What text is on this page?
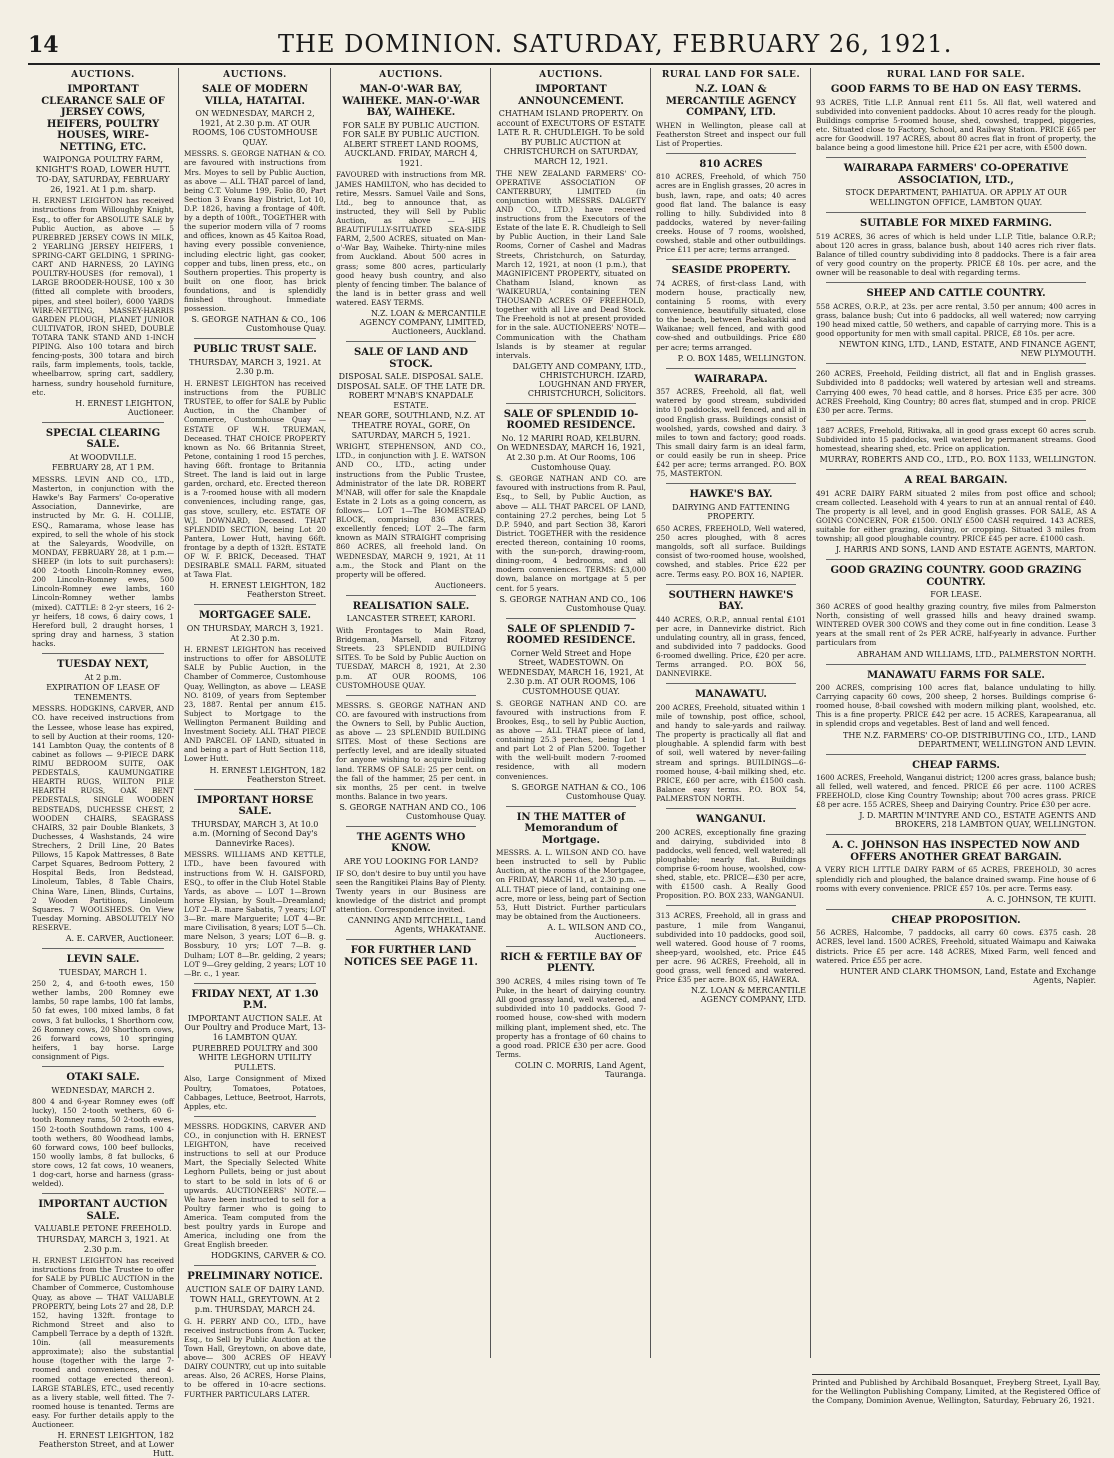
14	THE DOMINION. SATURDAY, FEBRUARY 26, 1921.
AUCTIONS.
IMPORTANT CLEARANCE SALE OF JERSEY COWS, HEIFERS, POULTRY HOUSES, WIRE-NETTING, ETC.
WAIPONGA POULTRY FARM, KNIGHT'S ROAD, LOWER HUTT.
TO-DAY, SATURDAY, FEBRUARY 26, 1921. At 1 p.m. sharp.
H. ERNEST LEIGHTON has received instructions from Willoughby Knight, Esq., to offer for ABSOLUTE SALE by Public Auction, as above — 5 PUREBRED JERSEY COWS IN MILK, 2 YEARLING JERSEY HEIFERS, 1 SPRING-CART GELDING, 1 SPRING-CART AND HARNESS, 20 LAYING POULTRY-HOUSES (for removal), 1 LARGE BROODER-HOUSE, 100 x 30 (fitted all complete with brooders, pipes, and steel boiler), 6000 YARDS WIRE-NETTING, MASSEY-HARRIS GARDEN PLOUGH, PLANET JUNIOR CULTIVATOR, IRON SHED, DOUBLE TOTARA TANK STAND AND 1-INCH PIPING. Also 100 totara and birch fencing-posts, 300 totara and birch rails, farm implements, tools, tackle, wheelbarrow, spring cart, saddlery, harness, sundry household furniture, etc.
H. ERNEST LEIGHTON, Auctioneer.
SPECIAL CLEARING SALE.
At WOODVILLE.
FEBRUARY 28, AT 1 P.M.
MESSRS. LEVIN AND CO., LTD., Masterton, in conjunction with the Hawke's Bay Farmers' Co-operative Association, Dannevirke, are instructed by Mr. G. H. COLLIE, ESQ., Ramarama, whose lease has expired, to sell the whole of his stock at the Saleyards, Woodville, on MONDAY, FEBRUARY 28, at 1 p.m.— SHEEP (in lots to suit purchasers): 400 2-tooth Lincoln-Romney ewes, 200 Lincoln-Romney ewes, 500 Lincoln-Romney ewe lambs, 160 Lincoln-Romney wether lambs (mixed). CATTLE: 8 2-yr steers, 16 2-yr heifers, 18 cows, 6 dairy cows, 1 Hereford bull, 2 draught horses, 1 spring dray and harness, 3 station hacks.
TUESDAY NEXT,
At 2 p.m.
EXPIRATION OF LEASE OF TENEMENTS.
MESSRS. HODGKINS, CARVER, AND CO. have received instructions from the Lessee, whose lease has expired, to sell by Auction at their rooms, 120-141 Lambton Quay, the contents of 8 cabinet as follows — 9-PIECE DARK RIMU BEDROOM SUITE, OAK PEDESTALS, KAUMUNGATIRE HEARTH RUGS, WILTON PILE HEARTH RUGS, OAK BENT PEDESTALS, SINGLE WOODEN BEDSTEADS, DUCHESSE CHEST, 2 WOODEN CHAIRS, SEAGRASS CHAIRS, 32 pair Double Blankets, 3 Duchesses, 4 Washstands, 24 wire Strechers, 2 Drill Line, 20 Bates Pillows, 15 Kapok Mattresses, 8 Bate Carpet Squares, Bedroom Pottery, 2 Hospital Beds, Iron Bedstead, Linoleum, Tables, 8 Table Chairs, China Ware, Linen, Blinds, Curtains, 2 Wooden Partitions, Linoleum Squares. 7 WOOLSHEDS. On View Tuesday Morning. ABSOLUTELY NO RESERVE.
A. E. CARVER, Auctioneer.
LEVIN SALE.
TUESDAY, MARCH 1.
250 2, 4, and 6-tooth ewes, 150 wether lambs, 200 Romney ewe lambs, 50 rape lambs, 100 fat lambs, 50 fat ewes, 100 mixed lambs, 8 fat cows, 3 fat bullocks, 1 Shorthorn cow, 26 Romney cows, 20 Shorthorn cows, 26 forward cows, 10 springing heifers, 1 bay horse. Large consignment of Pigs.
OTAKI SALE.
WEDNESDAY, MARCH 2.
800 4 and 6-year Romney ewes (off lucky), 150 2-tooth wethers, 60 6-tooth Romney rams, 50 2-tooth ewes, 150 2-tooth Southdown rams, 100 4-tooth wethers, 80 Woodhead lambs, 60 forward cows, 100 beef bullocks, 150 woolly lambs, 8 fat bullocks, 6 store cows, 12 fat cows, 10 weaners, 1 dog-cart, horse and harness (grass-welded).
IMPORTANT AUCTION SALE.
VALUABLE PETONE FREEHOLD.
THURSDAY, MARCH 3, 1921. At 2.30 p.m.
H. ERNEST LEIGHTON has received instructions from the Trustee to offer for SALE by PUBLIC AUCTION in the Chamber of Commerce, Customhouse Quay, as above — THAT VALUABLE PROPERTY, being Lots 27 and 28, D.P. 152, having 132ft. frontage to Richmond Street and also to Campbell Terrace by a depth of 132ft. 10in. (all measurements approximate); also the substantial house (together with the large 7-roomed and conveniences, and 4-roomed cottage erected thereon). LARGE STABLES, ETC., used recently as a livery stable, well fitted. The 7-roomed house is tenanted. Terms are easy. For further details apply to the Auctioneer.
H. ERNEST LEIGHTON, 182 Featherston Street, and at Lower Hutt.
AUCTIONS.
SALE OF MODERN VILLA, HATAITAI.
ON WEDNESDAY, MARCH 2, 1921, At 2.30 p.m. AT OUR ROOMS, 106 CUSTOMHOUSE QUAY.
MESSRS. S. GEORGE NATHAN & CO. are favoured with instructions from Mrs. Moyes to sell by Public Auction, as above — ALL THAT parcel of land, being C.T. Volume 199, Folio 80, Part Section 3 Evans Bay District, Lot 10, D.P. 1826, having a frontage of 40ft. by a depth of 100ft., TOGETHER with the superior modern villa of 7 rooms and offices, known as 45 Kaitoa Road, having every possible convenience, including electric light, gas cooker, copper and tubs, linen press, etc., on Southern properties. This property is built on one floor, has brick foundations, and is splendidly finished throughout. Immediate possession.
S. GEORGE NATHAN & CO., 106 Customhouse Quay.
PUBLIC TRUST SALE.
THURSDAY, MARCH 3, 1921. At 2.30 p.m.
H. ERNEST LEIGHTON has received instructions from the PUBLIC TRUSTEE, to offer for SALE by Public Auction, in the Chamber of Commerce, Customhouse Quay — ESTATE OF W.H. TRUEMAN, Deceased. THAT CHOICE PROPERTY known as No. 66 Britannia Street, Petone, containing 1 rood 15 perches, having 66ft. frontage to Britannia Street. The land is laid out in large garden, orchard, etc. Erected thereon is a 7-roomed house with all modern conveniences, including range, gas, gas stove, scullery, etc. ESTATE OF W.J. DOWNARD, Deceased. THAT SPLENDID SECTION, being Lot 20 Pantera, Lower Hutt, having 66ft. frontage by a depth of 132ft. ESTATE OF W. F. BRICK, Deceased. THAT DESIRABLE SMALL FARM, situated at Tawa Flat.
H. ERNEST LEIGHTON, 182 Featherston Street.
MORTGAGEE SALE.
ON THURSDAY, MARCH 3, 1921. At 2.30 p.m.
H. ERNEST LEIGHTON has received instructions to offer for ABSOLUTE SALE by Public Auction, in the Chamber of Commerce, Customhouse Quay, Wellington, as above — LEASE NO. 8109, of years from September 23, 1887. Rental per annum £15. Subject to Mortgage to the Wellington Permanent Building and Investment Society. ALL THAT PIECE AND PARCEL OF LAND, situated in and being a part of Hutt Section 118, Lower Hutt.
H. ERNEST LEIGHTON, 182 Featherston Street.
IMPORTANT HORSE SALE.
THURSDAY, MARCH 3, At 10.0 a.m. (Morning of Second Day's Dannevirke Races).
MESSRS. WILLIAMS AND KETTLE, LTD., have been favoured with instructions from W. H. GAISFORD, ESQ., to offer in the Club Hotel Stable Yards, as above — LOT 1—Brown horse Elysian, by Soult—Dreamland; LOT 2—B. mare Sabatis, 7 years; LOT 3—Br. mare Marguerite; LOT 4—Br. mare Civilisation, 8 years; LOT 5—Ch. mare Nelson, 3 years; LOT 6—B. g. Bossbury, 10 yrs; LOT 7—B. g. Dulham; LOT 8—Br. gelding, 2 years; LOT 9—Grey gelding, 2 years; LOT 10—Br. c., 1 year.
FRIDAY NEXT, AT 1.30 P.M.
IMPORTANT AUCTION SALE. At Our Poultry and Produce Mart, 13-16 LAMBTON QUAY.
PUREBRED POULTRY and 300 WHITE LEGHORN UTILITY PULLETS.
Also, Large Consignment of Mixed Poultry, Tomatoes, Potatoes, Cabbages, Lettuce, Beetroot, Harrots, Apples, etc.
MESSRS. HODGKINS, CARVER AND CO., in conjunction with H. ERNEST LEIGHTON, have received instructions to sell at our Produce Mart, the Specially Selected White Leghorn Pullets, being or just about to start to be sold in lots of 6 or upwards. AUCTIONEERS' NOTE.—We have been instructed to sell for a Poultry farmer who is going to America. Team computed from the best poultry yards in Europe and America, including one from the Great English breeder.
HODGKINS, CARVER & CO.
PRELIMINARY NOTICE.
AUCTION SALE OF DAIRY LAND.
TOWN HALL, GREYTOWN. At 2 p.m. THURSDAY, MARCH 24.
G. H. PERRY AND CO., LTD., have received instructions from A. Tucker, Esq., to Sell by Public Auction at the Town Hall, Greytown, on above date, above— 300 ACRES OF HEAVY DAIRY COUNTRY, cut up into suitable areas. Also, 26 ACRES, Horse Plains, to be offered in 10-acre sections. FURTHER PARTICULARS LATER.
AUCTIONS.
MAN-O'-WAR BAY, WAIHEKE. MAN-O'-WAR BAY, WAIHEKE.
FOR SALE BY PUBLIC AUCTION. FOR SALE BY PUBLIC AUCTION. ALBERT STREET LAND ROOMS, AUCKLAND. FRIDAY, MARCH 4, 1921.
FAVOURED with instructions from MR. JAMES HAMILTON, who has decided to retire, Messrs. Samuel Vaile and Sons, Ltd., beg to announce that, as instructed, they will Sell by Public Auction, as above — HIS BEAUTIFULLY-SITUATED SEA-SIDE FARM, 2,500 ACRES, situated on Man-o'-War Bay, Waiheke. Thirty-nine miles from Auckland. About 500 acres in grass; some 800 acres, particularly good heavy bush country, and also plenty of fencing timber. The balance of the land is in better grass and well watered. EASY TERMS.
N.Z. LOAN & MERCANTILE AGENCY COMPANY, LIMITED, Auctioneers, Auckland.
SALE OF LAND AND STOCK.
DISPOSAL SALE. DISPOSAL SALE. DISPOSAL SALE. OF THE LATE DR. ROBERT M'NAB'S KNAPDALE ESTATE.
NEAR GORE, SOUTHLAND, N.Z. AT THEATRE ROYAL, GORE, On SATURDAY, MARCH 5, 1921.
WRIGHT, STEPHENSON, AND CO., LTD., in conjunction with J. E. WATSON AND CO., LTD., acting under instructions from the Public Trustee, Administrator of the late DR. ROBERT M'NAB, will offer for sale the Knapdale Estate in 2 Lots as a going concern, as follows— LOT 1—The HOMESTEAD BLOCK, comprising 836 ACRES, excellently fenced; LOT 2—The farm known as MAIN STRAIGHT comprising 860 ACRES, all freehold land. On WEDNESDAY, MARCH 9, 1921, At 11 a.m., the Stock and Plant on the property will be offered.
Auctioneers.
REALISATION SALE.
LANCASTER STREET, KARORI.
With Frontages to Main Road, Bridgeman, Marsell, and Fitzroy Streets. 23 SPLENDID BUILDING SITES. To be Sold by Public Auction on TUESDAY, MARCH 8, 1921, At 2.30 p.m. AT OUR ROOMS, 106 CUSTOMHOUSE QUAY.
MESSRS. S. GEORGE NATHAN AND CO. are favoured with instructions from the Owners to Sell, by Public Auction, as above — 23 SPLENDID BUILDING SITES. Most of these Sections are perfectly level, and are ideally situated for anyone wishing to acquire building land. TERMS OF SALE: 25 per cent. on the fall of the hammer, 25 per cent. in six months, 25 per cent. in twelve months. Balance in two years.
S. GEORGE NATHAN AND CO., 106 Customhouse Quay.
THE AGENTS WHO KNOW.
ARE YOU LOOKING FOR LAND?
IF SO, don't desire to buy until you have seen the Rangitikei Plains Bay of Plenty. Twenty years in our Business are knowledge of the district and prompt attention. Correspondence invited.
CANNING AND MITCHELL, Land Agents, WHAKATANE.
FOR FURTHER LAND NOTICES SEE PAGE 11.
AUCTIONS.
IMPORTANT ANNOUNCEMENT.
CHATHAM ISLAND PROPERTY. On account of EXECUTORS OF ESTATE LATE R. R. CHUDLEIGH. To be sold BY PUBLIC AUCTION at CHRISTCHURCH on SATURDAY, MARCH 12, 1921.
THE NEW ZEALAND FARMERS' CO-OPERATIVE ASSOCIATION OF CANTERBURY, LIMITED (in conjunction with MESSRS. DALGETY AND CO., LTD.) have received instructions from the Executors of the Estate of the late E. R. Chudleigh to Sell by Public Auction, in their Land Sale Rooms, Corner of Cashel and Madras Streets, Christchurch, on Saturday, March 12, 1921, at noon (1 p.m.), that MAGNIFICENT PROPERTY, situated on Chatham Island, known as 'WAIKEURUA,' containing TEN THOUSAND ACRES OF FREEHOLD, together with all Live and Dead Stock. The Freehold is not at present provided for in the sale. AUCTIONEERS' NOTE—Communication with the Chatham Islands is by steamer at regular intervals.
DALGETY AND COMPANY, LTD., CHRISTCHURCH. IZARD, LOUGHNAN AND FRYER, CHRISTCHURCH, Solicitors.
SALE OF SPLENDID 10-ROOMED RESIDENCE.
No. 12 MARIRI ROAD, KELBURN. On WEDNESDAY, MARCH 16, 1921, At 2.30 p.m. At Our Rooms, 106 Customhouse Quay.
S. GEORGE NATHAN AND CO. are favoured with instructions from R. Paul, Esq., to Sell, by Public Auction, as above — ALL THAT PARCEL OF LAND, containing 27.2 perches, being Lot 5 D.P. 5940, and part Section 38, Karori District. TOGETHER with the residence erected thereon, containing 10 rooms, with the sun-porch, drawing-room, dining-room, 4 bedrooms, and all modern conveniences. TERMS: £3,000 down, balance on mortgage at 5 per cent. for 5 years.
S. GEORGE NATHAN AND CO., 106 Customhouse Quay.
SALE OF SPLENDID 7-ROOMED RESIDENCE.
Corner Weld Street and Hope Street, WADESTOWN. On WEDNESDAY, MARCH 16, 1921, At 2.30 p.m. AT OUR ROOMS, 106 CUSTOMHOUSE QUAY.
S. GEORGE NATHAN AND CO. are favoured with instructions from F. Brookes, Esq., to sell by Public Auction, as above — ALL THAT piece of land, containing 25.3 perches, being Lot 1 and part Lot 2 of Plan 5200. Together with the well-built modern 7-roomed residence, with all modern conveniences.
S. GEORGE NATHAN & CO., 106 Customhouse Quay.
IN THE MATTER of Memorandum of Mortgage.
MESSRS. A. L. WILSON AND CO. have been instructed to sell by Public Auction, at the rooms of the Mortgagee, on FRIDAY, MARCH 11, at 2.30 p.m. — ALL THAT piece of land, containing one acre, more or less, being part of Section 53, Hutt District. Further particulars may be obtained from the Auctioneers.
A. L. WILSON AND CO., Auctioneers.
RICH & FERTILE BAY OF PLENTY.
390 ACRES, 4 miles rising town of Te Puke, in the heart of dairying country. All good grassy land, well watered, and subdivided into 10 paddocks. Good 7-roomed house, cow-shed with modern milking plant, implement shed, etc. The property has a frontage of 60 chains to a good road. PRICE £30 per acre. Good Terms.
COLIN C. MORRIS, Land Agent, Tauranga.
RURAL LAND FOR SALE.
N.Z. LOAN & MERCANTILE AGENCY COMPANY, LTD.
WHEN in Wellington, please call at Featherston Street and inspect our full List of Properties.
810 ACRES
810 ACRES, Freehold, of which 750 acres are in English grasses, 20 acres in bush, lawn, rape, and oats; 40 acres good flat land. The balance is easy rolling to hilly. Subdivided into 8 paddocks, watered by never-failing creeks. House of 7 rooms, woolshed, cowshed, stable and other outbuildings. Price £11 per acre; terms arranged.
SEASIDE PROPERTY.
74 ACRES, of first-class Land, with modern house, practically new, containing 5 rooms, with every convenience, beautifully situated, close to the beach, between Paekakariki and Waikanae; well fenced, and with good cow-shed and outbuildings. Price £80 per acre; terms arranged.
P. O. BOX 1485, WELLINGTON.
WAIRARAPA.
357 ACRES, Freehold, all flat, well watered by good stream, subdivided into 10 paddocks, well fenced, and all in good English grass. Buildings consist of woolshed, yards, cowshed and dairy. 3 miles to town and factory; good roads. This small dairy farm is an ideal farm, or could easily be run in sheep. Price £42 per acre; terms arranged. P.O. BOX 75, MASTERTON.
HAWKE'S BAY.
DAIRYING AND FATTENING PROPERTY.
650 ACRES, FREEHOLD, Well watered, 250 acres ploughed, with 8 acres mangolds, soft all surface. Buildings consist of two-roomed house, woolshed, cowshed, and stables. Price £22 per acre. Terms easy. P.O. BOX 16, NAPIER.
SOUTHERN HAWKE'S BAY.
440 ACRES, O.R.P., annual rental £101 per acre, in Dannevirke district. Rich undulating country, all in grass, fenced, and subdivided into 7 paddocks. Good 6-roomed dwelling. Price, £20 per acre. Terms arranged. P.O. BOX 56, DANNEVIRKE.
MANAWATU.
200 ACRES, Freehold, situated within 1 mile of township, post office, school, and handy to sale-yards and railway. The property is practically all flat and ploughable. A splendid farm with best of soil, well watered by never-failing stream and springs. BUILDINGS—6-roomed house, 4-bail milking shed, etc. PRICE, £60 per acre, with £1500 cash. Balance easy terms. P.O. BOX 54, PALMERSTON NORTH.
WANGANUI.
200 ACRES, exceptionally fine grazing and dairying, subdivided into 8 paddocks, well fenced, well watered; all ploughable; nearly flat. Buildings comprise 6-room house, woolshed, cow-shed, stable, etc. PRICE—£30 per acre, with £1500 cash. A Really Good Proposition. P.O. BOX 233, WANGANUI.
313 ACRES, Freehold, all in grass and pasture, 1 mile from Wanganui, subdivided into 10 paddocks, good soil, well watered. Good house of 7 rooms, sheep-yard, woolshed, etc. Price £45 per acre. 96 ACRES, Freehold, all in good grass, well fenced and watered. Price £35 per acre. BOX 65, HAWERA.
N.Z. LOAN & MERCANTILE AGENCY COMPANY, LTD.
RURAL LAND FOR SALE.
GOOD FARMS TO BE HAD ON EASY TERMS.
93 ACRES, Title L.I.P. Annual rent £11 5s. All flat, well watered and subdivided into convenient paddocks. About 10 acres ready for the plough. Buildings comprise 5-roomed house, shed, cowshed, trapped, piggeries, etc. Situated close to Factory, School, and Railway Station. PRICE £65 per acre for Goodwill. 197 ACRES, about 80 acres flat in front of property, the balance being a good limestone hill. Price £21 per acre, with £500 down.
WAIRARAPA FARMERS' CO-OPERATIVE ASSOCIATION, LTD.,
STOCK DEPARTMENT, PAHIATUA. OR APPLY AT OUR WELLINGTON OFFICE, LAMBTON QUAY.
SUITABLE FOR MIXED FARMING.
519 ACRES, 36 acres of which is held under L.I.P. Title, balance O.R.P.; about 120 acres in grass, balance bush, about 140 acres rich river flats. Balance of tilled country subdividing into 8 paddocks. There is a fair area of very good country on the property. PRICE £8 10s. per acre, and the owner will be reasonable to deal with regarding terms.
SHEEP AND CATTLE COUNTRY.
558 ACRES, O.R.P., at 23s. per acre rental, 3.50 per annum; 400 acres in grass, balance bush; Cut into 6 paddocks, all well watered; now carrying 190 head mixed cattle, 50 wethers, and capable of carrying more. This is a good opportunity for men with small capital. PRICE, £8 10s. per acre.
NEWTON KING, LTD., LAND, ESTATE, AND FINANCE AGENT, NEW PLYMOUTH.
260 ACRES, Freehold, Feilding district, all flat and in English grasses. Subdivided into 8 paddocks; well watered by artesian well and streams. Carrying 400 ewes, 70 head cattle, and 8 horses. Price £35 per acre. 300 ACRES Freehold, King Country; 80 acres flat, stumped and in crop. PRICE £30 per acre. Terms.
1887 ACRES, Freehold, Ritiwaka, all in good grass except 60 acres scrub. Subdivided into 15 paddocks, well watered by permanent streams. Good homestead, shearing shed, etc. Price on application.
MURRAY, ROBERTS AND CO., LTD., P.O. BOX 1133, WELLINGTON.
A REAL BARGAIN.
491 ACRE DAIRY FARM situated 2 miles from post office and school; cream collected. Leasehold with 4 years to run at an annual rental of £40. The property is all level, and in good English grasses. FOR SALE, AS A GOING CONCERN, FOR £1500. ONLY £500 CASH required. 143 ACRES, suitable for either grazing, dairying, or cropping. Situated 3 miles from township; all good ploughable country. PRICE £45 per acre. £1000 cash.
J. HARRIS AND SONS, LAND AND ESTATE AGENTS, MARTON.
GOOD GRAZING COUNTRY. GOOD GRAZING COUNTRY.
FOR LEASE.
360 ACRES of good healthy grazing country, five miles from Palmerston North, consisting of well grassed hills and heavy drained swamp. WINTERED OVER 300 COWS and they come out in fine condition. Lease 3 years at the small rent of 2s PER ACRE, half-yearly in advance. Further particulars from
ABRAHAM AND WILLIAMS, LTD., PALMERSTON NORTH.
MANAWATU FARMS FOR SALE.
200 ACRES, comprising 100 acres flat, balance undulating to hilly. Carrying capacity 60 cows, 200 sheep, 2 horses. Buildings comprise 6-roomed house, 8-bail cowshed with modern milking plant, woolshed, etc. This is a fine property. PRICE £42 per acre. 15 ACRES, Karapearanua, all in splendid crops and vegetables. Best of land and well fenced.
THE N.Z. FARMERS' CO-OP. DISTRIBUTING CO., LTD., LAND DEPARTMENT, WELLINGTON AND LEVIN.
CHEAP FARMS.
1600 ACRES, Freehold, Wanganui district; 1200 acres grass, balance bush; all felled, well watered, and fenced. PRICE £6 per acre. 1100 ACRES FREEHOLD, close King Country Township; about 700 acres grass. PRICE £8 per acre. 155 ACRES, Sheep and Dairying Country. Price £30 per acre.
J. D. MARTIN M'INTYRE AND CO., ESTATE AGENTS AND BROKERS, 218 LAMBTON QUAY, WELLINGTON.
A. C. JOHNSON HAS INSPECTED NOW AND OFFERS ANOTHER GREAT BARGAIN.
A VERY RICH LITTLE DAIRY FARM of 65 ACRES, FREEHOLD, 30 acres splendidly rich and ploughed, the balance drained swamp. Fine house of 6 rooms with every convenience. PRICE £57 10s. per acre. Terms easy.
A. C. JOHNSON, TE KUITI.
CHEAP PROPOSITION.
56 ACRES, Halcombe, 7 paddocks, all carry 60 cows. £375 cash. 28 ACRES, level land. 1500 ACRES, Freehold, situated Waimapu and Kaiwaka districts. Price £5 per acre. 148 ACRES, Mixed Farm, well fenced and watered. Price £55 per acre.
HUNTER AND CLARK THOMSON, Land, Estate and Exchange Agents, Napier.
Printed and Published by Archibald Bosanquet, Freyberg Street, Lyall Bay, for the Wellington Publishing Company, Limited, at the Registered Office of the Company, Dominion Avenue, Wellington, Saturday, February 26, 1921.
